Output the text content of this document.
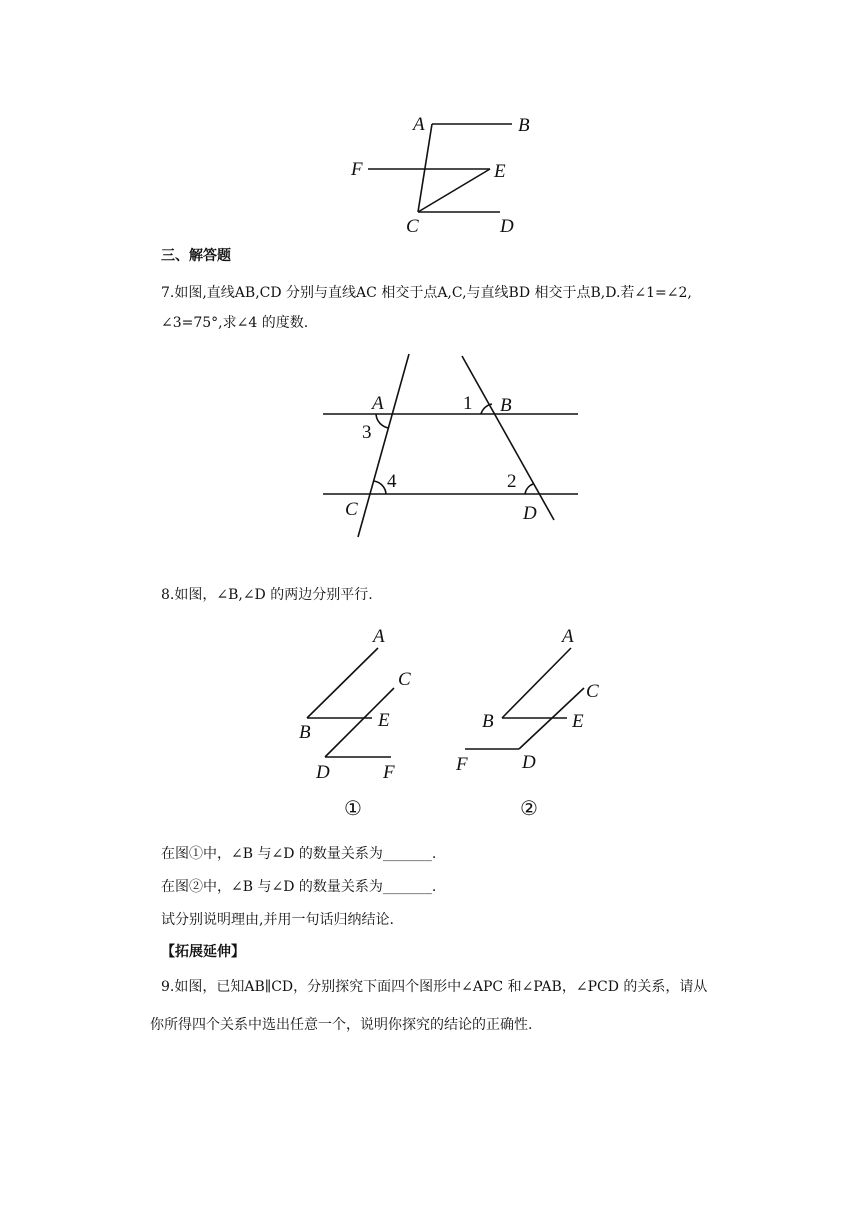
A	B
F	E
C	D
三、解答题
7.如图,直线AB,CD 分别与直线AC 相交于点A,C,与直线BD 相交于点B,D.若∠1=∠2,
∠3=75°,求∠4 的度数.
A	1 B
3
4	2
C	D
8.如图，∠B,∠D 的两边分别平行.
A
C
B
E
D	F
①
A
C
B	E
F	D
②
在图①中，∠B 与∠D 的数量关系为_______.
在图②中，∠B 与∠D 的数量关系为_______.
试分别说明理由,并用一句话归纳结论.
【拓展延伸】
9.如图，已知AB∥CD，分别探究下面四个图形中∠APC 和∠PAB，∠PCD 的关系，请从
你所得四个关系中选出任意一个，说明你探究的结论的正确性.
